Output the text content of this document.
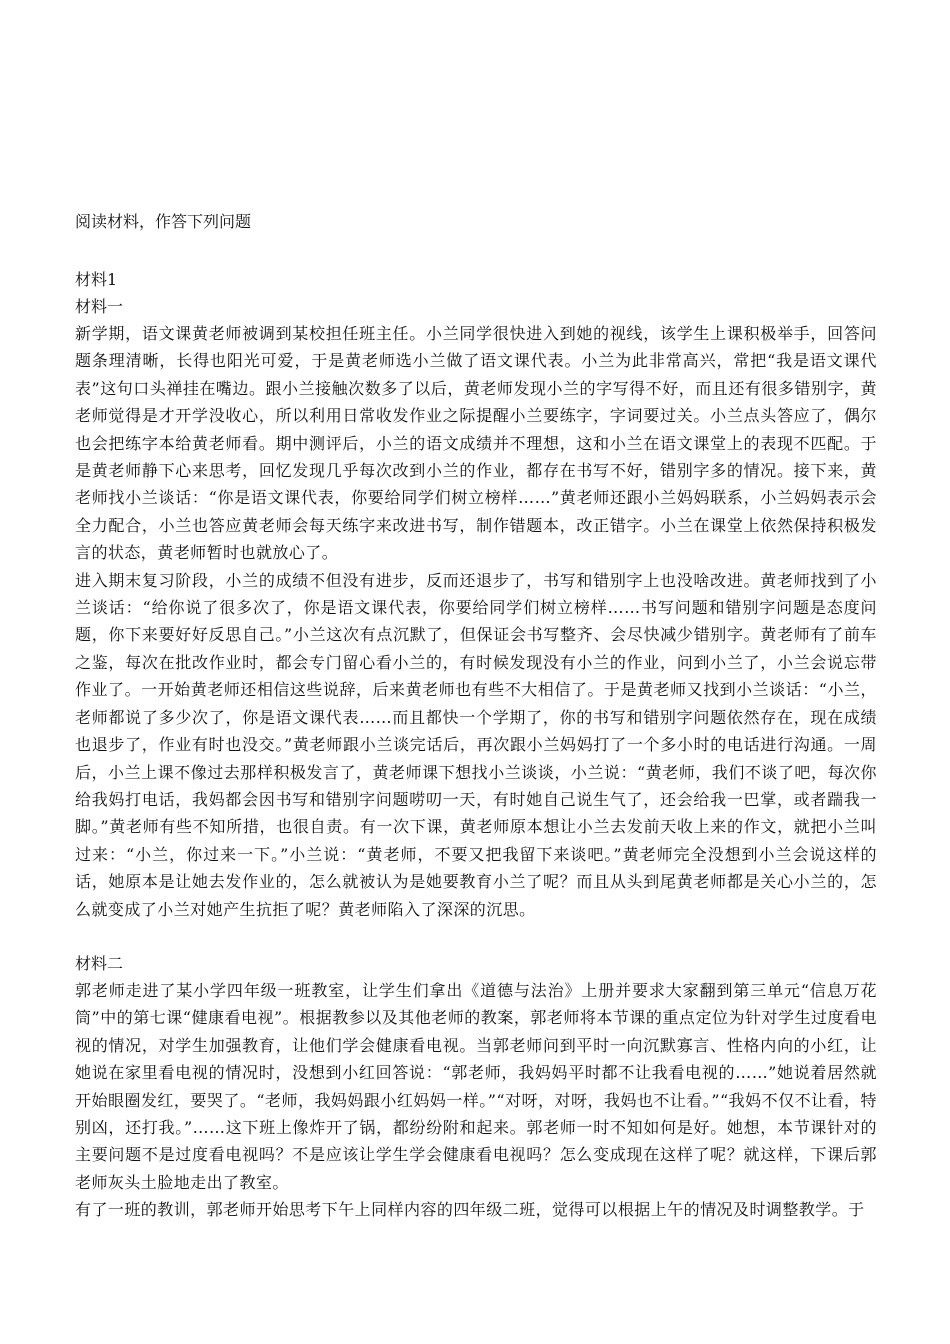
阅读材料，作答下列问题

材料1

材料一

新学期，语文课黄老师被调到某校担任班主任。小兰同学很快进入到她的视线，该学生上课积极举手，回答问题条理清晰，长得也阳光可爱，于是黄老师选小兰做了语文课代表。小兰为此非常高兴，常把“我是语文课代表”这句口头禅挂在嘴边。跟小兰接触次数多了以后，黄老师发现小兰的字写得不好，而且还有很多错别字，黄老师觉得是才开学没收心，所以利用日常收发作业之际提醒小兰要练字，字词要过关。小兰点头答应了，偶尔也会把练字本给黄老师看。期中测评后，小兰的语文成绩并不理想，这和小兰在语文课堂上的表现不匹配。于是黄老师静下心来思考，回忆发现几乎每次改到小兰的作业，都存在书写不好，错别字多的情况。接下来，黄老师找小兰谈话：“你是语文课代表，你要给同学们树立榜样……”黄老师还跟小兰妈妈联系，小兰妈妈表示会全力配合，小兰也答应黄老师会每天练字来改进书写，制作错题本，改正错字。小兰在课堂上依然保持积极发言的状态，黄老师暂时也就放心了。

进入期末复习阶段，小兰的成绩不但没有进步，反而还退步了，书写和错别字上也没啥改进。黄老师找到了小兰谈话：“给你说了很多次了，你是语文课代表，你要给同学们树立榜样……书写问题和错别字问题是态度问题，你下来要好好反思自己。”小兰这次有点沉默了，但保证会书写整齐、会尽快减少错别字。黄老师有了前车之鉴，每次在批改作业时，都会专门留心看小兰的，有时候发现没有小兰的作业，问到小兰了，小兰会说忘带作业了。一开始黄老师还相信这些说辞，后来黄老师也有些不大相信了。于是黄老师又找到小兰谈话：“小兰，老师都说了多少次了，你是语文课代表……而且都快一个学期了，你的书写和错别字问题依然存在，现在成绩也退步了，作业有时也没交。”黄老师跟小兰谈完话后，再次跟小兰妈妈打了一个多小时的电话进行沟通。一周后，小兰上课不像过去那样积极发言了，黄老师课下想找小兰谈谈，小兰说：“黄老师，我们不谈了吧，每次你给我妈打电话，我妈都会因书写和错别字问题唠叨一天，有时她自己说生气了，还会给我一巴掌，或者踹我一脚。”黄老师有些不知所措，也很自责。有一次下课，黄老师原本想让小兰去发前天收上来的作文，就把小兰叫过来：“小兰，你过来一下。”小兰说：“黄老师，不要又把我留下来谈吧。”黄老师完全没想到小兰会说这样的话，她原本是让她去发作业的，怎么就被认为是她要教育小兰了呢？而且从头到尾黄老师都是关心小兰的，怎么就变成了小兰对她产生抗拒了呢？黄老师陷入了深深的沉思。

材料二

郭老师走进了某小学四年级一班教室，让学生们拿出《道德与法治》上册并要求大家翻到第三单元“信息万花筒”中的第七课“健康看电视”。根据教参以及其他老师的教案，郭老师将本节课的重点定位为针对学生过度看电视的情况，对学生加强教育，让他们学会健康看电视。当郭老师问到平时一向沉默寡言、性格内向的小红，让她说在家里看电视的情况时，没想到小红回答说：“郭老师，我妈妈平时都不让我看电视的……”她说着居然就开始眼圈发红，要哭了。“老师，我妈妈跟小红妈妈一样。”“对呀，对呀，我妈也不让看。”“我妈不仅不让看，特别凶，还打我。”……这下班上像炸开了锅，都纷纷附和起来。郭老师一时不知如何是好。她想，本节课针对的主要问题不是过度看电视吗？不是应该让学生学会健康看电视吗？怎么变成现在这样了呢？就这样，下课后郭老师灰头土脸地走出了教室。

有了一班的教训，郭老师开始思考下午上同样内容的四年级二班，觉得可以根据上午的情况及时调整教学。于
